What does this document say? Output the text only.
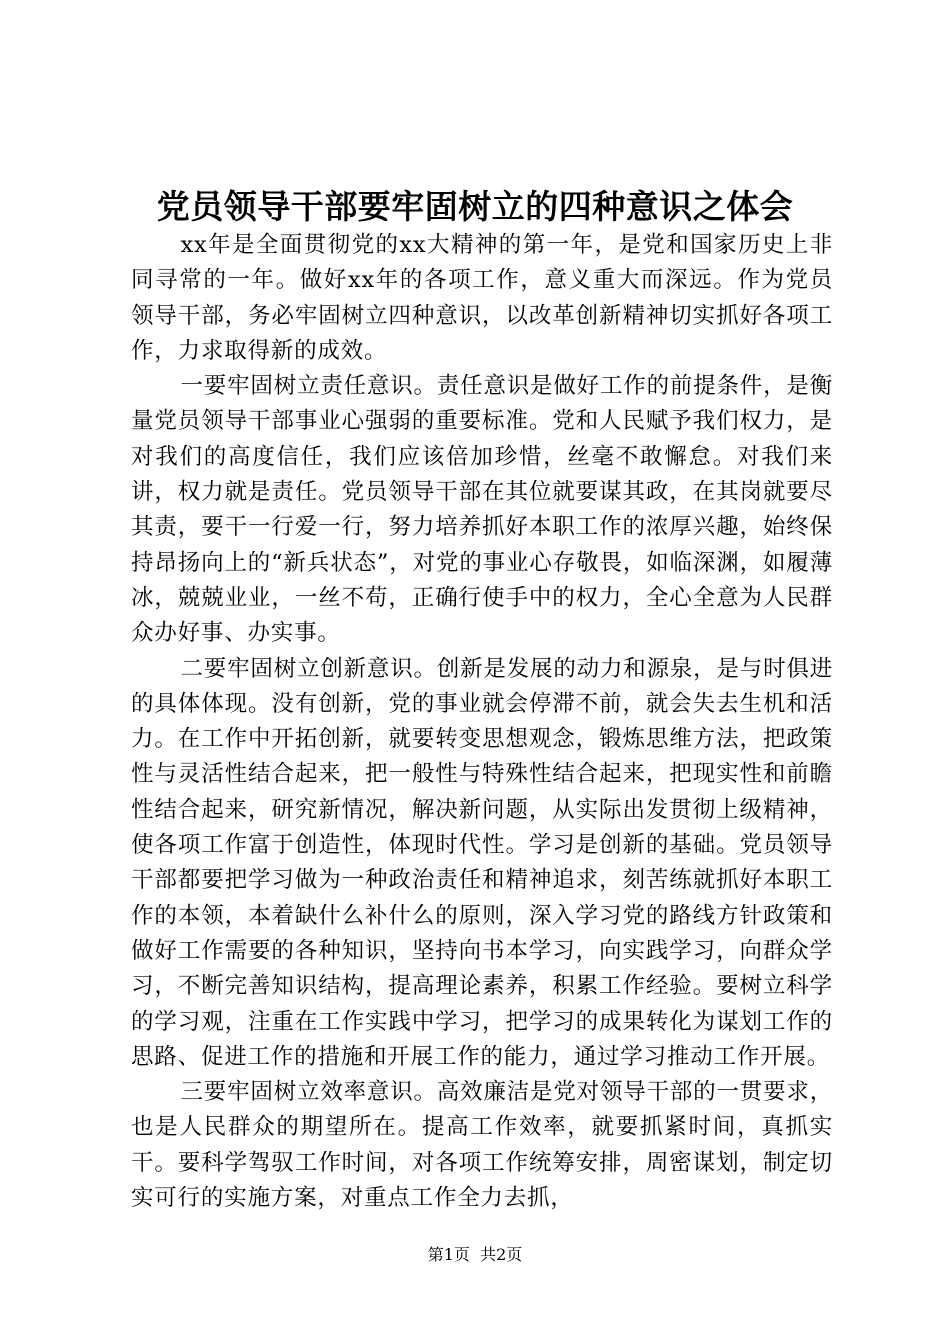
党员领导干部要牢固树立的四种意识之体会

xx年是全面贯彻党的xx大精神的第一年，是党和国家历史上非同寻常的一年。做好xx年的各项工作，意义重大而深远。作为党员领导干部，务必牢固树立四种意识，以改革创新精神切实抓好各项工作，力求取得新的成效。

一要牢固树立责任意识。责任意识是做好工作的前提条件，是衡量党员领导干部事业心强弱的重要标准。党和人民赋予我们权力，是对我们的高度信任，我们应该倍加珍惜，丝毫不敢懈怠。对我们来讲，权力就是责任。党员领导干部在其位就要谋其政，在其岗就要尽其责，要干一行爱一行，努力培养抓好本职工作的浓厚兴趣，始终保持昂扬向上的“新兵状态”，对党的事业心存敬畏，如临深渊，如履薄冰，兢兢业业，一丝不苟，正确行使手中的权力，全心全意为人民群众办好事、办实事。

二要牢固树立创新意识。创新是发展的动力和源泉，是与时俱进的具体体现。没有创新，党的事业就会停滞不前，就会失去生机和活力。在工作中开拓创新，就要转变思想观念，锻炼思维方法，把政策性与灵活性结合起来，把一般性与特殊性结合起来，把现实性和前瞻性结合起来，研究新情况，解决新问题，从实际出发贯彻上级精神，使各项工作富于创造性，体现时代性。学习是创新的基础。党员领导干部都要把学习做为一种政治责任和精神追求，刻苦练就抓好本职工作的本领，本着缺什么补什么的原则，深入学习党的路线方针政策和做好工作需要的各种知识，坚持向书本学习，向实践学习，向群众学习，不断完善知识结构，提高理论素养，积累工作经验。要树立科学的学习观，注重在工作实践中学习，把学习的成果转化为谋划工作的思路、促进工作的措施和开展工作的能力，通过学习推动工作开展。

三要牢固树立效率意识。高效廉洁是党对领导干部的一贯要求，也是人民群众的期望所在。提高工作效率，就要抓紧时间，真抓实干。要科学驾驭工作时间，对各项工作统筹安排，周密谋划，制定切实可行的实施方案，对重点工作全力去抓，

第1页  共2页
